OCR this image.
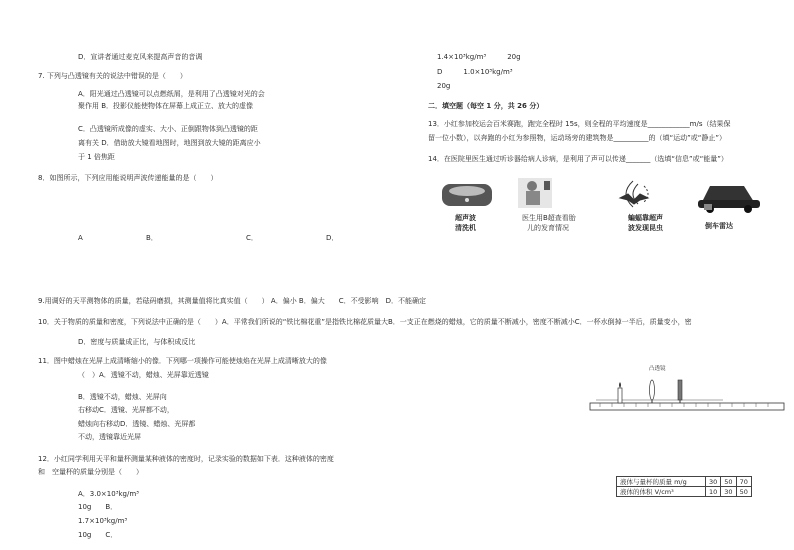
D．宣讲者通过麦克风来提高声音的音调
7. 下列与凸透镜有关的说法中错误的是（　　）
A．阳光通过凸透镜可以点燃纸屑，是利用了凸透镜对光的会
聚作用 B．投影仪能使物体在屏幕上成正立、放大的虚像
C．凸透镜所成像的虚实、大小、正倒跟物体到凸透镜的距
离有关 D．借助放大镜看地图时，地图到放大镜的距离应小
于 1 倍焦距
8．如图所示，下列应用能说明声波传递能量的是（　　）
A	B．	C．	D．
9.用调好的天平测物体的质量，若砝码磨损，其测量值将比真实值（　　） A．偏小 B．偏大　　C．不受影响　D．不能确定
10．关于物质的质量和密度，下列说法中正确的是（　　）A．平常我们所说的“铁比棉花重”是指铁比棉花质量大B．一支正在燃烧的蜡烛，它的质量不断减小，密度不断减小C．一杯水倒掉一半后，质量变小，密
D．密度与质量成正比，与体积成反比
11．图中蜡烛在光屏上成清晰缩小的像．下列哪一项操作可能使烛焰在光屏上成清晰放大的像
（　）A．透镜不动，蜡烛、光屏靠近透镜
B．透镜不动，蜡烛、光屏向
右移动C．透镜、光屏都不动，
蜡烛向右移动D．透镜、蜡烛、光屏都
不动，透镜靠近光屏
12．小红同学利用天平和量杯测量某种液体的密度时，记录实验的数据如下表．这种液体的密度
和　空量杯的质量分别是（　　）
A．3.0×10³kg/m³
10g　　B．
1.7×10³kg/m³
10g　　C．
1.4×10³kg/m³　　　20g
D　　　1.0×10³kg/m³
20g
二．填空题（每空 1 分，共 26 分）
13．小红参加校运会百米赛跑，跑完全程时 15s，则全程的平均速度是____________m/s（结果保
留一位小数），以奔跑的小红为参照物，运动场旁的建筑物是__________的（填“运动”或“静止”）
14．在医院里医生通过听诊器给病人诊病，是利用了声可以传递_______（选填“信息”或“能量”）
超声波
清洗机
医生用B超查看胎
儿的发育情况
蝙蝠靠超声
波发现昆虫	倒车雷达
凸透镜
液体与量杯的质量 m/g	30	50	70
液体的体积 V/cm³	10	30	50
